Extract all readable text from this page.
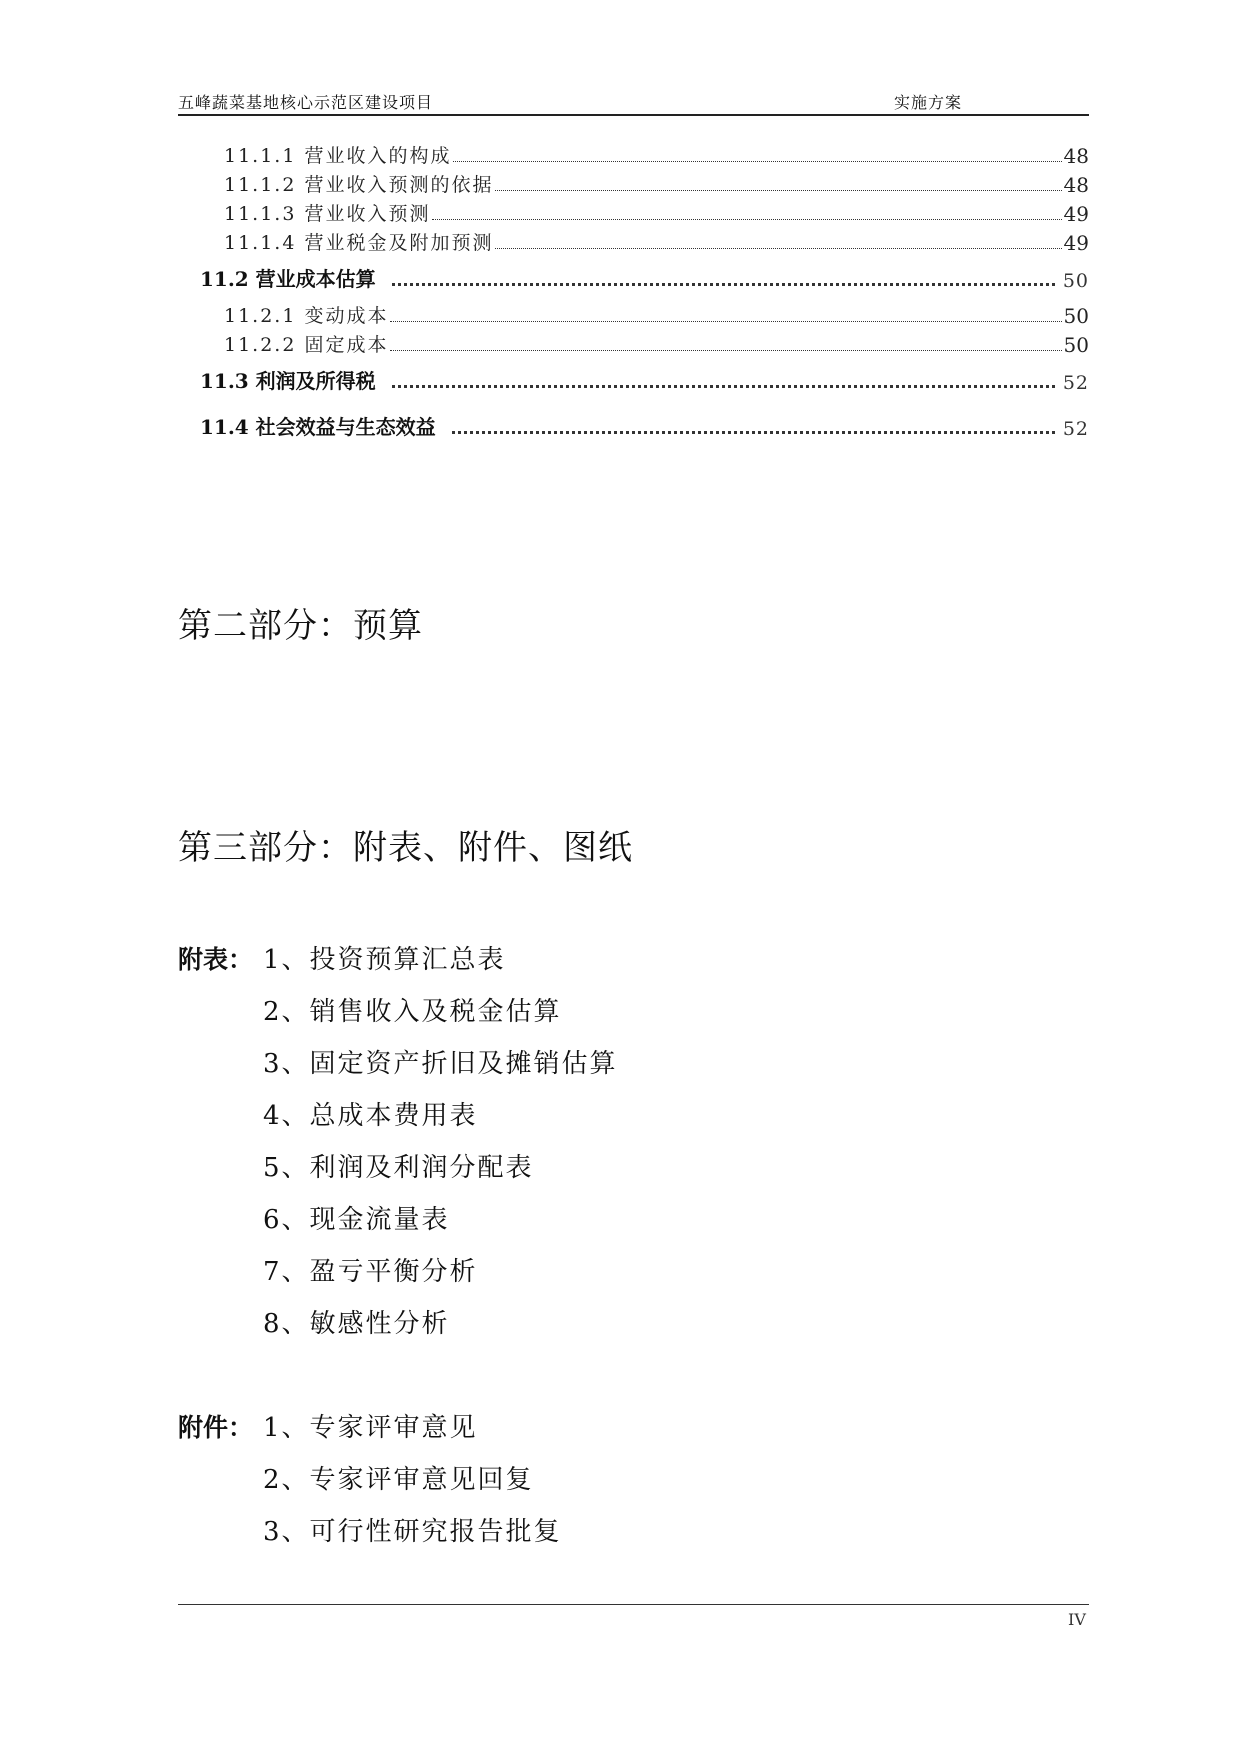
五峰蔬菜基地核心示范区建设项目	实施方案
11.1.1 营业收入的构成	48
11.1.2 营业收入预测的依据	48
11.1.3 营业收入预测	49
11.1.4 营业税金及附加预测	49
11.2 营业成本估算	50
11.2.1 变动成本	50
11.2.2 固定成本	50
11.3 利润及所得税	52
11.4 社会效益与生态效益	52
第二部分：预算
第三部分：附表、附件、图纸
附表： 1、投资预算汇总表
2、销售收入及税金估算
3、固定资产折旧及摊销估算
4、总成本费用表
5、利润及利润分配表
6、现金流量表
7、盈亏平衡分析
8、敏感性分析
附件： 1、专家评审意见
2、专家评审意见回复
3、可行性研究报告批复
IV
